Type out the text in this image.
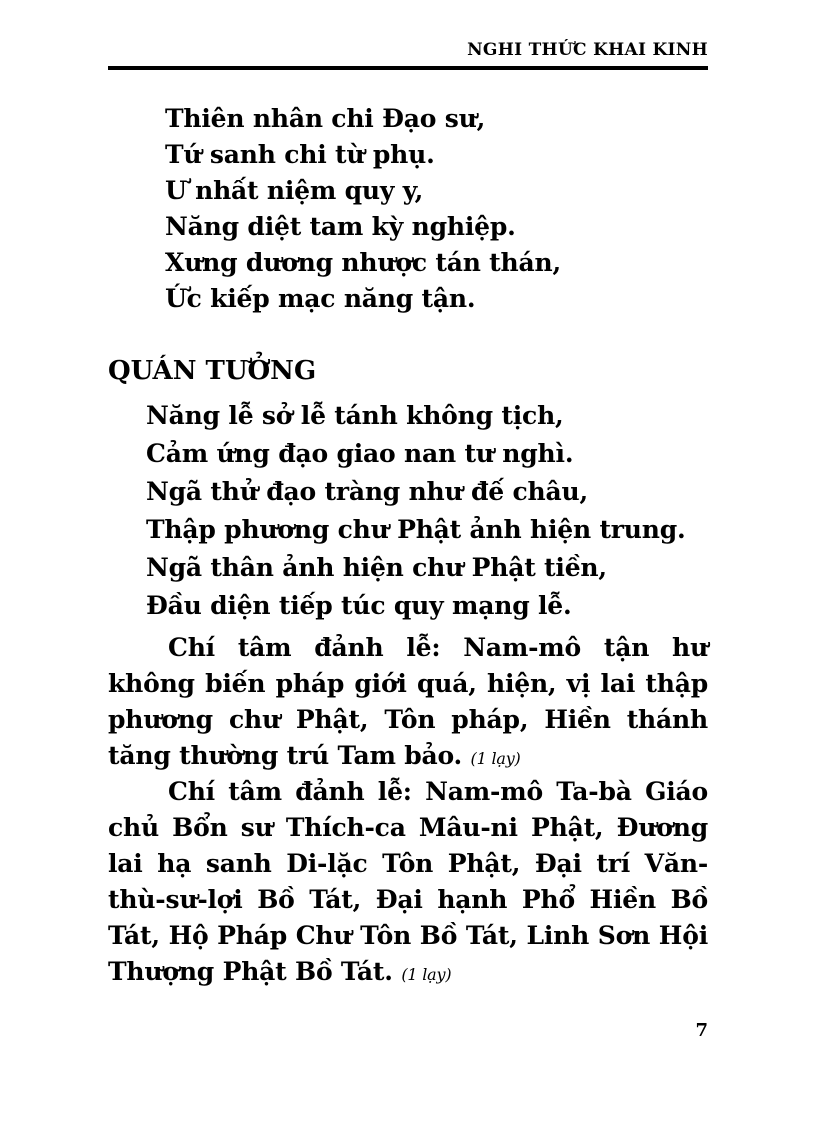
NGHI THỨC KHAI KINH
Thiên nhân chi Đạo sư,
Tứ sanh chi từ phụ.
Ư nhất niệm quy y,
Năng diệt tam kỳ nghiệp.
Xưng dương nhược tán thán,
Ức kiếp mạc năng tận.
QUÁN TƯỞNG
Năng lễ sở lễ tánh không tịch,
Cảm ứng đạo giao nan tư nghì.
Ngã thử đạo tràng như đế châu,
Thập phương chư Phật ảnh hiện trung.
Ngã thân ảnh hiện chư Phật tiền,
Đầu diện tiếp túc quy mạng lễ.

Chí tâm đảnh lễ: Nam-mô tận hư không biến pháp giới quá, hiện, vị lai thập phương chư Phật, Tôn pháp, Hiền thánh tăng thường trú Tam bảo. (1 lạy)

Chí tâm đảnh lễ: Nam-mô Ta-bà Giáo chủ Bổn sư Thích-ca Mâu-ni Phật, Đương lai hạ sanh Di-lặc Tôn Phật, Đại trí Văn-thù-sư-lợi Bồ Tát, Đại hạnh Phổ Hiền Bồ Tát, Hộ Pháp Chư Tôn Bồ Tát, Linh Sơn Hội Thượng Phật Bồ Tát. (1 lạy)

7
